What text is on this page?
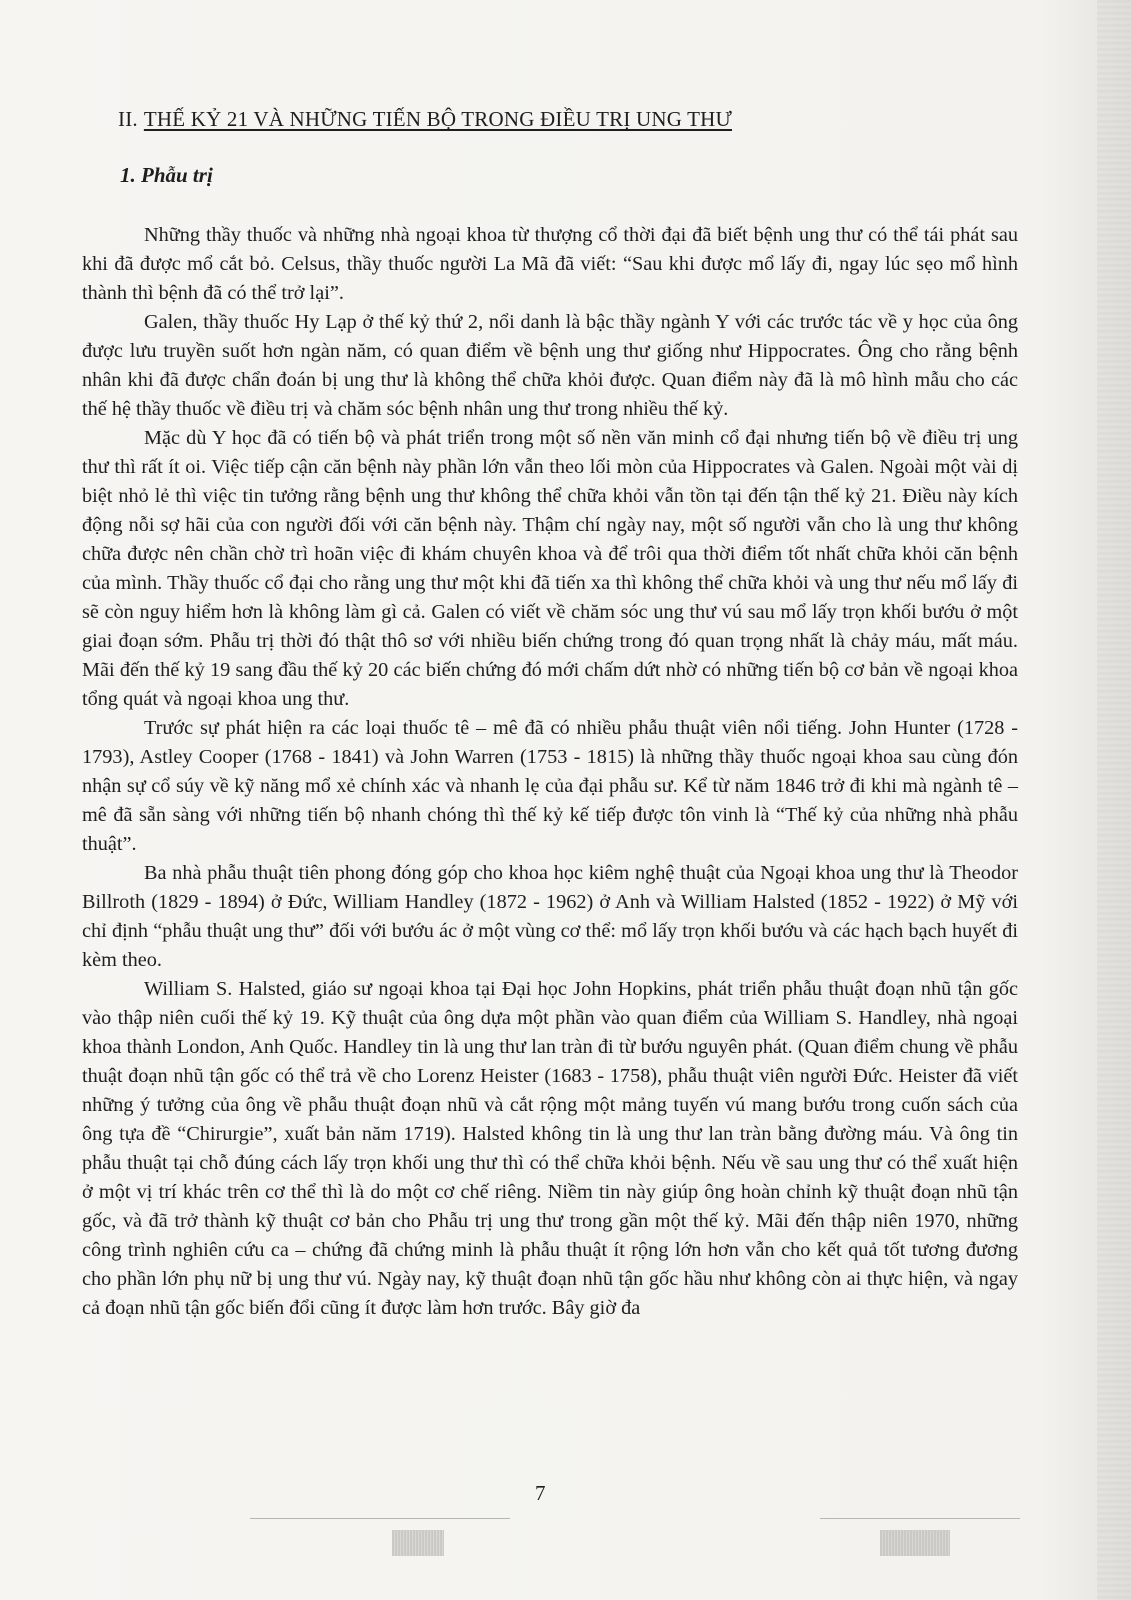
II. THẾ KỶ 21 VÀ NHỮNG TIẾN BỘ TRONG ĐIỀU TRỊ UNG THƯ
1. Phẫu trị

Những thầy thuốc và những nhà ngoại khoa từ thượng cổ thời đại đã biết bệnh ung thư có thể tái phát sau khi đã được mổ cắt bỏ. Celsus, thầy thuốc người La Mã đã viết: “Sau khi được mổ lấy đi, ngay lúc sẹo mổ hình thành thì bệnh đã có thể trở lại”.

Galen, thầy thuốc Hy Lạp ở thế kỷ thứ 2, nổi danh là bậc thầy ngành Y với các trước tác về y học của ông được lưu truyền suốt hơn ngàn năm, có quan điểm về bệnh ung thư giống như Hippocrates. Ông cho rằng bệnh nhân khi đã được chẩn đoán bị ung thư là không thể chữa khỏi được. Quan điểm này đã là mô hình mẫu cho các thế hệ thầy thuốc về điều trị và chăm sóc bệnh nhân ung thư trong nhiều thế kỷ.

Mặc dù Y học đã có tiến bộ và phát triển trong một số nền văn minh cổ đại nhưng tiến bộ về điều trị ung thư thì rất ít oi. Việc tiếp cận căn bệnh này phần lớn vẫn theo lối mòn của Hippocrates và Galen. Ngoài một vài dị biệt nhỏ lẻ thì việc tin tưởng rằng bệnh ung thư không thể chữa khỏi vẫn tồn tại đến tận thế kỷ 21. Điều này kích động nỗi sợ hãi của con người đối với căn bệnh này. Thậm chí ngày nay, một số người vẫn cho là ung thư không chữa được nên chần chờ trì hoãn việc đi khám chuyên khoa và để trôi qua thời điểm tốt nhất chữa khỏi căn bệnh của mình. Thầy thuốc cổ đại cho rằng ung thư một khi đã tiến xa thì không thể chữa khỏi và ung thư nếu mổ lấy đi sẽ còn nguy hiểm hơn là không làm gì cả. Galen có viết về chăm sóc ung thư vú sau mổ lấy trọn khối bướu ở một giai đoạn sớm. Phẫu trị thời đó thật thô sơ với nhiều biến chứng trong đó quan trọng nhất là chảy máu, mất máu. Mãi đến thế kỷ 19 sang đầu thế kỷ 20 các biến chứng đó mới chấm dứt nhờ có những tiến bộ cơ bản về ngoại khoa tổng quát và ngoại khoa ung thư.

Trước sự phát hiện ra các loại thuốc tê – mê đã có nhiều phẫu thuật viên nổi tiếng. John Hunter (1728 - 1793), Astley Cooper (1768 - 1841) và John Warren (1753 - 1815) là những thầy thuốc ngoại khoa sau cùng đón nhận sự cổ súy về kỹ năng mổ xẻ chính xác và nhanh lẹ của đại phẫu sư. Kể từ năm 1846 trở đi khi mà ngành tê – mê đã sẵn sàng với những tiến bộ nhanh chóng thì thế kỷ kế tiếp được tôn vinh là “Thế kỷ của những nhà phẫu thuật”.

Ba nhà phẫu thuật tiên phong đóng góp cho khoa học kiêm nghệ thuật của Ngoại khoa ung thư là Theodor Billroth (1829 - 1894) ở Đức, William Handley (1872 - 1962) ở Anh và William Halsted (1852 - 1922) ở Mỹ với chỉ định “phẫu thuật ung thư” đối với bướu ác ở một vùng cơ thể: mổ lấy trọn khối bướu và các hạch bạch huyết đi kèm theo.

William S. Halsted, giáo sư ngoại khoa tại Đại học John Hopkins, phát triển phẫu thuật đoạn nhũ tận gốc vào thập niên cuối thế kỷ 19. Kỹ thuật của ông dựa một phần vào quan điểm của William S. Handley, nhà ngoại khoa thành London, Anh Quốc. Handley tin là ung thư lan tràn đi từ bướu nguyên phát. (Quan điểm chung về phẫu thuật đoạn nhũ tận gốc có thể trả về cho Lorenz Heister (1683 - 1758), phẫu thuật viên người Đức. Heister đã viết những ý tưởng của ông về phẫu thuật đoạn nhũ và cắt rộng một mảng tuyến vú mang bướu trong cuốn sách của ông tựa đề “Chirurgie”, xuất bản năm 1719). Halsted không tin là ung thư lan tràn bằng đường máu. Và ông tin phẫu thuật tại chỗ đúng cách lấy trọn khối ung thư thì có thể chữa khỏi bệnh. Nếu về sau ung thư có thể xuất hiện ở một vị trí khác trên cơ thể thì là do một cơ chế riêng. Niềm tin này giúp ông hoàn chỉnh kỹ thuật đoạn nhũ tận gốc, và đã trở thành kỹ thuật cơ bản cho Phẫu trị ung thư trong gần một thế kỷ. Mãi đến thập niên 1970, những công trình nghiên cứu ca – chứng đã chứng minh là phẫu thuật ít rộng lớn hơn vẫn cho kết quả tốt tương đương cho phần lớn phụ nữ bị ung thư vú. Ngày nay, kỹ thuật đoạn nhũ tận gốc hầu như không còn ai thực hiện, và ngay cả đoạn nhũ tận gốc biến đổi cũng ít được làm hơn trước. Bây giờ đa

7
